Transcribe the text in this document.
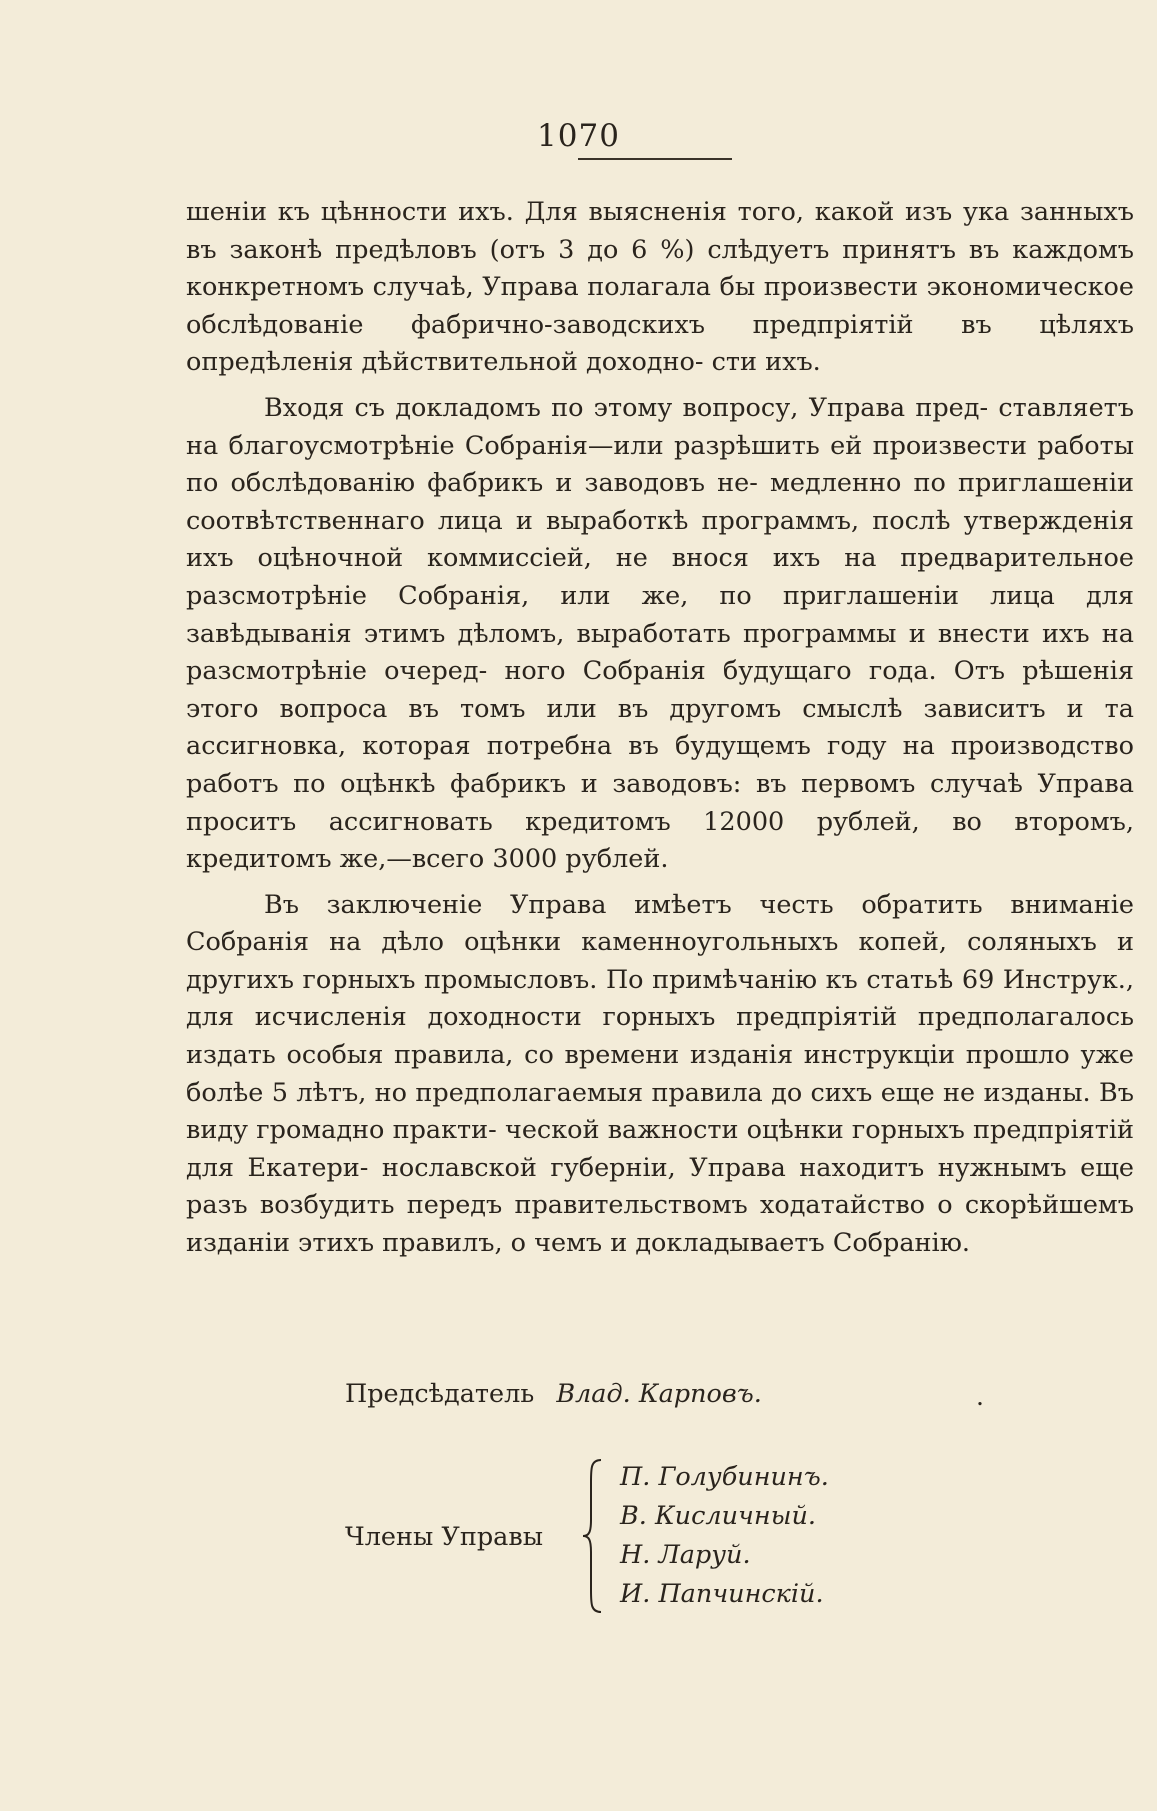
1070

шеніи къ цѣнности ихъ. Для выясненія того, какой изъ ука занныхъ въ законѣ предѣловъ (отъ 3 до 6 %) слѣдуетъ принятъ въ каждомъ конкретномъ случаѣ, Управа полагала бы произвести экономическое обслѣдованіе фабрично-заводскихъ предпріятій въ цѣляхъ опредѣленія дѣйствительной доходно- сти ихъ.

Входя съ докладомъ по этому вопросу, Управа пред- ставляетъ на благоусмотрѣніе Собранія—или разрѣшить ей произвести работы по обслѣдованію фабрикъ и заводовъ не- медленно по приглашеніи соотвѣтственнаго лица и выработкѣ программъ, послѣ утвержденія ихъ оцѣночной коммиссіей, не внося ихъ на предварительное разсмотрѣніе Собранія, или же, по приглашеніи лица для завѣдыванія этимъ дѣломъ, выработать программы и внести ихъ на разсмотрѣніе очеред- ного Собранія будущаго года. Отъ рѣшенія этого вопроса въ томъ или въ другомъ смыслѣ зависитъ и та ассигновка, которая потребна въ будущемъ году на производство работъ по оцѣнкѣ фабрикъ и заводовъ: въ первомъ случаѣ Управа проситъ ассигновать кредитомъ 12000 рублей, во второмъ, кредитомъ же,—всего 3000 рублей.

Въ заключеніе Управа имѣетъ честь обратить вниманіе Собранія на дѣло оцѣнки каменноугольныхъ копей, соляныхъ и другихъ горныхъ промысловъ. По примѣчанію къ статьѣ 69 Инструк., для исчисленія доходности горныхъ предпріятій предполагалось издать особыя правила, со времени изданія инструкціи прошло уже болѣе 5 лѣтъ, но предполагаемыя правила до сихъ еще не изданы. Въ виду громадно практи- ческой важности оцѣнки горныхъ предпріятій для Екатери- нославской губерніи, Управа находитъ нужнымъ еще разъ возбудить передъ правительствомъ ходатайство о скорѣйшемъ изданіи этихъ правилъ, о чемъ и докладываетъ Собранію.

Предсѣдатель Влад. Карповъ.	.
Члены Управы
П. Голубининъ.
В. Кисличный.
Н. Ларуй.
И. Папчинскій.
